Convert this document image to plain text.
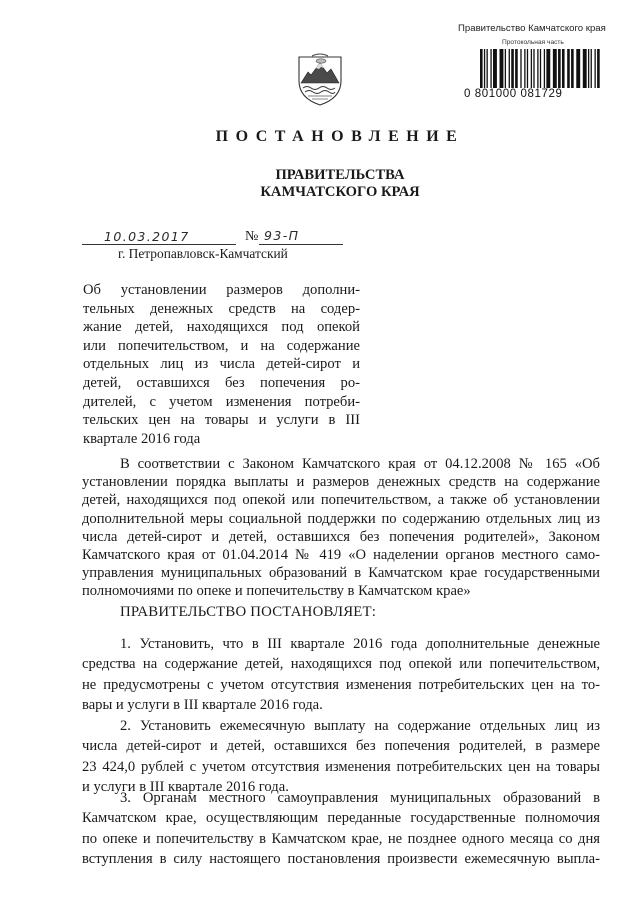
Правительство Камчатского края
Протокольная часть
0 801000 081729
ПОСТАНОВЛЕНИЕ
ПРАВИТЕЛЬСТВА
КАМЧАТСКОГО КРАЯ
10.03.2017	№ 93-П
г. Петропавловск-Камчатский
Об установлении размеров дополни-
тельных денежных средств на содер-
жание детей, находящихся под опекой
или попечительством, и на содержание
отдельных лиц из числа детей-сирот и
детей, оставшихся без попечения ро-
дителей, с учетом изменения потреби-
тельских цен на товары и услуги в III
квартале 2016 года
В соответствии с Законом Камчатского края от 04.12.2008 № 165 «Об
установлении порядка выплаты и размеров денежных средств на содержание
детей, находящихся под опекой или попечительством, а также об установлении
дополнительной меры социальной поддержки по содержанию отдельных лиц из
числа детей-сирот и детей, оставшихся без попечения родителей», Законом
Камчатского края от 01.04.2014 № 419 «О наделении органов местного само-
управления муниципальных образований в Камчатском крае государственными
полномочиями по опеке и попечительству в Камчатском крае»
ПРАВИТЕЛЬСТВО ПОСТАНОВЛЯЕТ:
1. Установить, что в III квартале 2016 года дополнительные денежные
средства на содержание детей, находящихся под опекой или попечительством,
не предусмотрены с учетом отсутствия изменения потребительских цен на то-
вары и услуги в III квартале 2016 года.
2. Установить ежемесячную выплату на содержание отдельных лиц из
числа детей-сирот и детей, оставшихся без попечения родителей, в размере
23 424,0 рублей с учетом отсутствия изменения потребительских цен на товары
и услуги в III квартале 2016 года.
3. Органам местного самоуправления муниципальных образований в
Камчатском крае, осуществляющим переданные государственные полномочия
по опеке и попечительству в Камчатском крае, не позднее одного месяца со дня
вступления в силу настоящего постановления произвести ежемесячную выпла-
